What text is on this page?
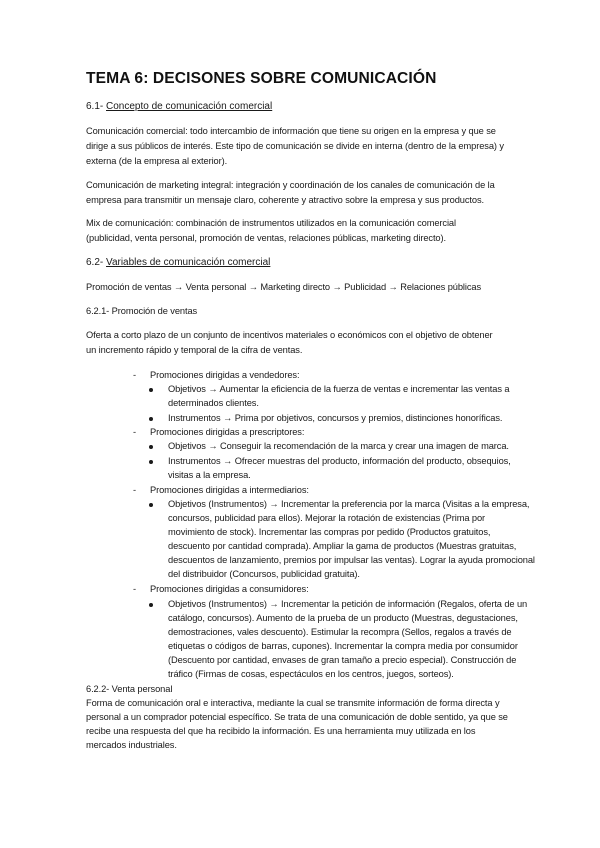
TEMA 6: DECISONES SOBRE COMUNICACIÓN
6.1- Concepto de comunicación comercial
Comunicación comercial: todo intercambio de información que tiene su origen en la empresa y que se
dirige a sus públicos de interés. Este tipo de comunicación se divide en interna (dentro de la empresa) y
externa (de la empresa al exterior).
Comunicación de marketing integral: integración y coordinación de los canales de comunicación de la
empresa para transmitir un mensaje claro, coherente y atractivo sobre la empresa y sus productos.
Mix de comunicación: combinación de instrumentos utilizados en la comunicación comercial
(publicidad, venta personal, promoción de ventas, relaciones públicas, marketing directo).
6.2- Variables de comunicación comercial
Promoción de ventas → Venta personal → Marketing directo → Publicidad → Relaciones públicas
6.2.1- Promoción de ventas
Oferta a corto plazo de un conjunto de incentivos materiales o económicos con el objetivo de obtener
un incremento rápido y temporal de la cifra de ventas.
- Promociones dirigidas a vendedores:
Objetivos → Aumentar la eficiencia de la fuerza de ventas e incrementar las ventas a
determinados clientes.
Instrumentos → Prima por objetivos, concursos y premios, distinciones honoríficas.
- Promociones dirigidas a prescriptores:
Objetivos → Conseguir la recomendación de la marca y crear una imagen de marca.
Instrumentos → Ofrecer muestras del producto, información del producto, obsequios,
visitas a la empresa.
- Promociones dirigidas a intermediarios:
Objetivos (Instrumentos) → Incrementar la preferencia por la marca (Visitas a la empresa,
concursos, publicidad para ellos). Mejorar la rotación de existencias (Prima por
movimiento de stock). Incrementar las compras por pedido (Productos gratuitos,
descuento por cantidad comprada). Ampliar la gama de productos (Muestras gratuitas,
descuentos de lanzamiento, premios por impulsar las ventas). Lograr la ayuda promocional
del distribuidor (Concursos, publicidad gratuita).
- Promociones dirigidas a consumidores:
Objetivos (Instrumentos) → Incrementar la petición de información (Regalos, oferta de un
catálogo, concursos). Aumento de la prueba de un producto (Muestras, degustaciones,
demostraciones, vales descuento). Estimular la recompra (Sellos, regalos a través de
etiquetas o códigos de barras, cupones). Incrementar la compra media por consumidor
(Descuento por cantidad, envases de gran tamaño a precio especial). Construcción de
tráfico (Firmas de cosas, espectáculos en los centros, juegos, sorteos).
6.2.2- Venta personal
Forma de comunicación oral e interactiva, mediante la cual se transmite información de forma directa y
personal a un comprador potencial específico. Se trata de una comunicación de doble sentido, ya que se
recibe una respuesta del que ha recibido la información. Es una herramienta muy utilizada en los
mercados industriales.
